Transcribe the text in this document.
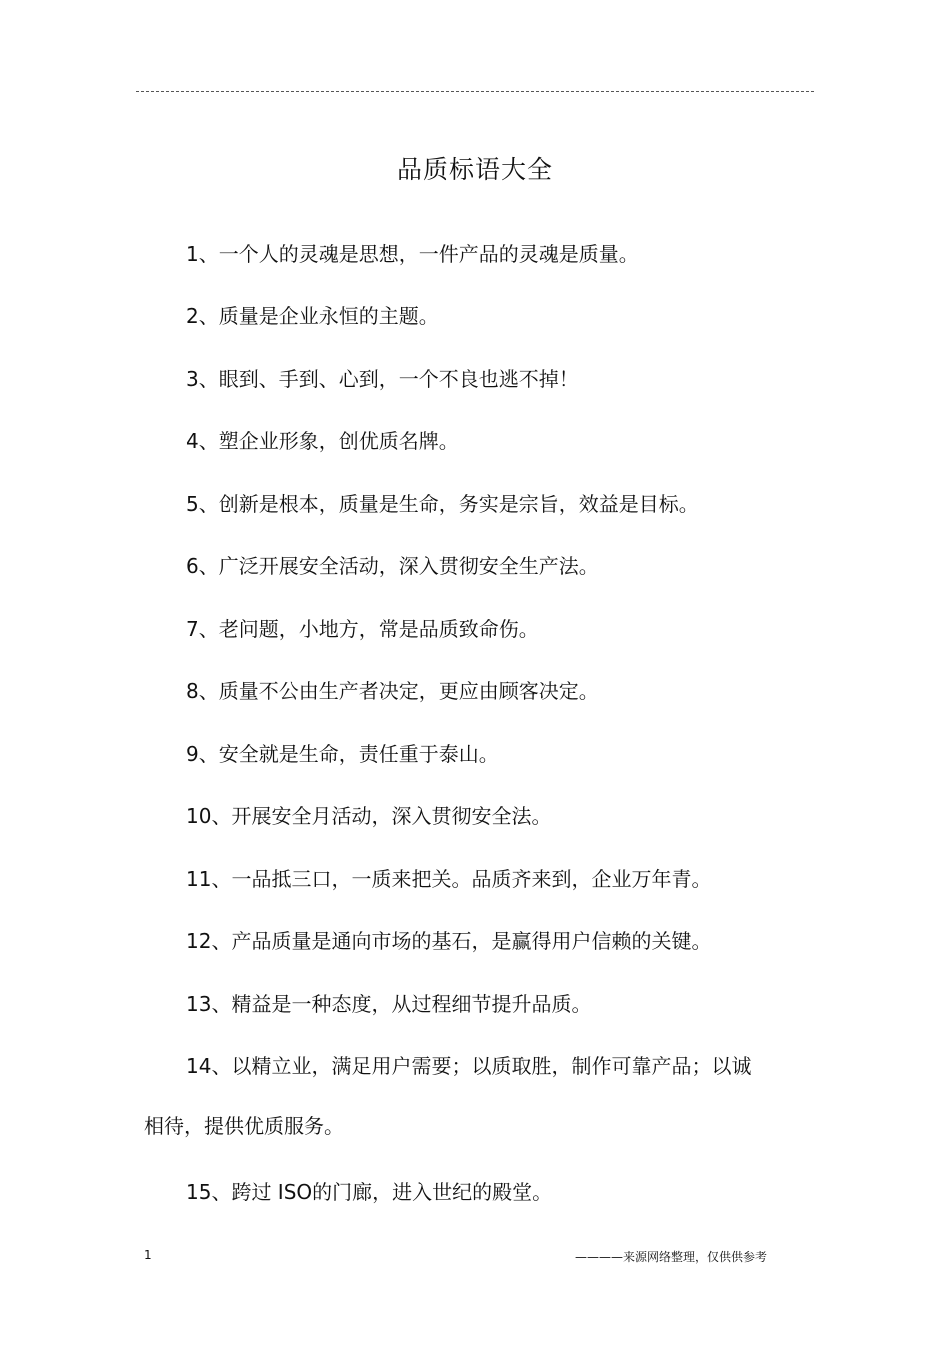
品质标语大全
1、一个人的灵魂是思想，一件产品的灵魂是质量。
2、质量是企业永恒的主题。
3、眼到、手到、心到，一个不良也逃不掉！
4、塑企业形象，创优质名牌。
5、创新是根本，质量是生命，务实是宗旨，效益是目标。
6、广泛开展安全活动，深入贯彻安全生产法。
7、老问题，小地方，常是品质致命伤。
8、质量不公由生产者决定，更应由顾客决定。
9、安全就是生命，责任重于泰山。
10、开展安全月活动，深入贯彻安全法。
11、一品抵三口，一质来把关。品质齐来到，企业万年青。
12、产品质量是通向市场的基石，是赢得用户信赖的关键。
13、精益是一种态度，从过程细节提升品质。
14、以精立业，满足用户需要；以质取胜，制作可靠产品；以诚
相待，提供优质服务。
15、跨过 ISO的门廊，进入世纪的殿堂。
1	————来源网络整理，仅供供参考
